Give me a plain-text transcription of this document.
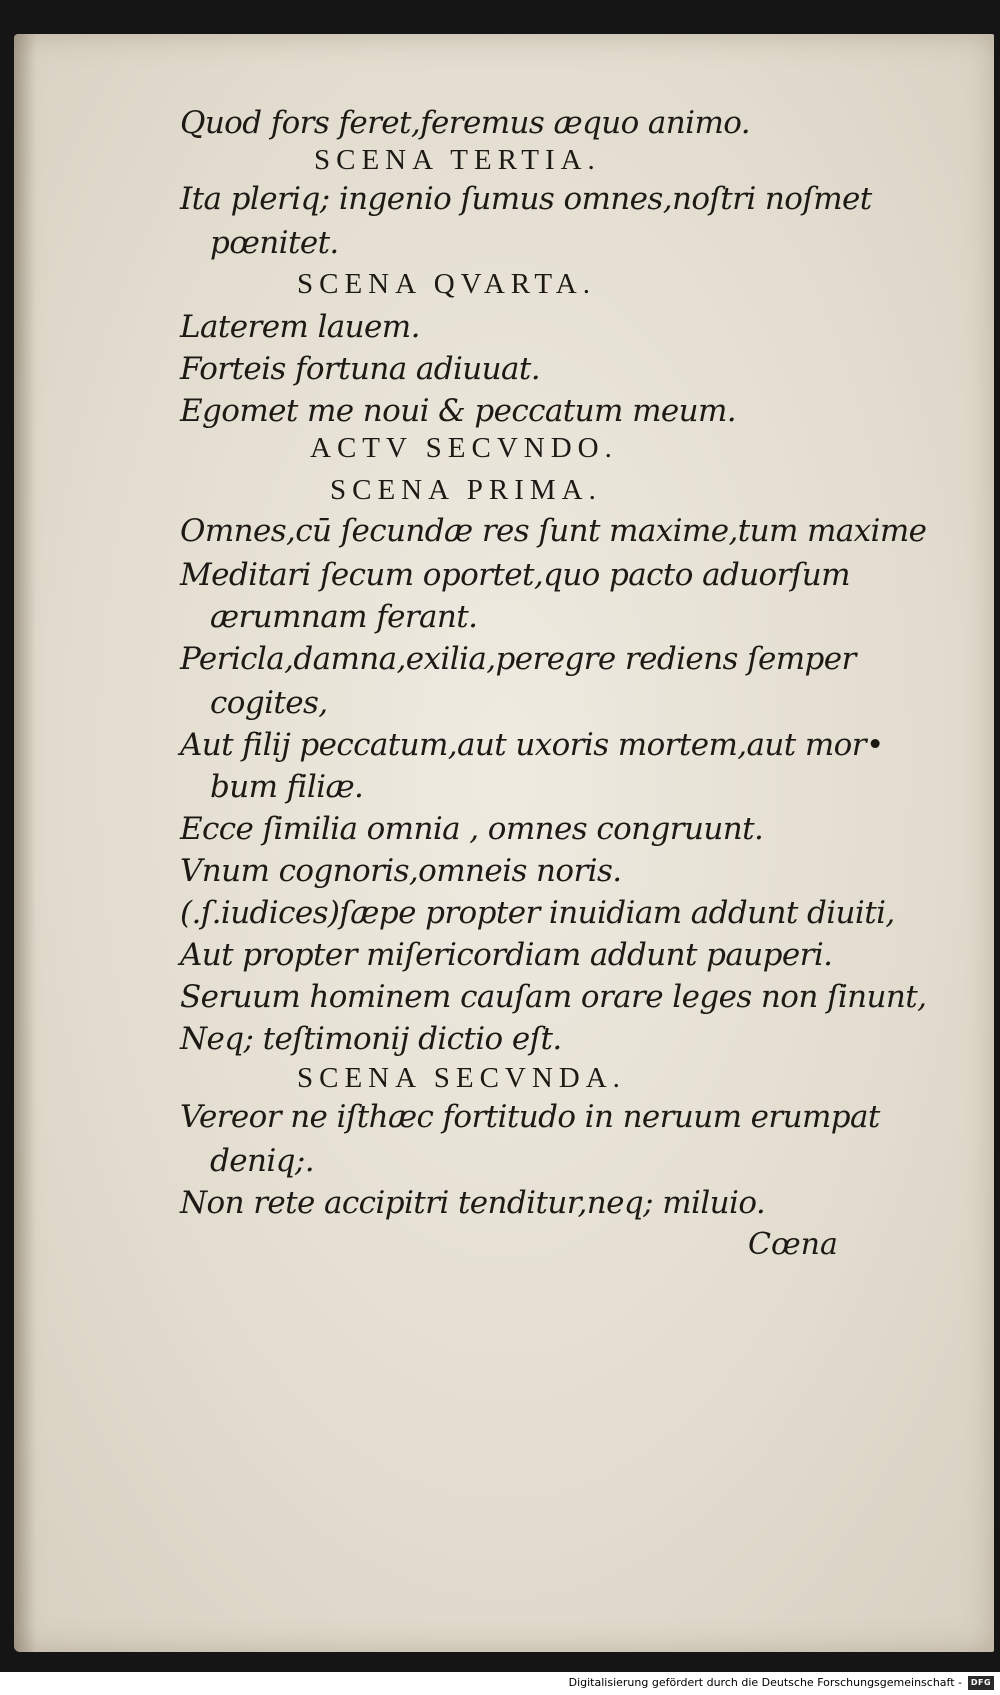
Quod fors feret,feremus æquo animo.
SCENA TERTIA.
Ita pleriq; ingenio ſumus omnes,noſtri noſmet
pœnitet.
SCENA QVARTA.
Laterem lauem.
Forteis fortuna adiuuat.
Egomet me noui & peccatum meum.
ACTV SECVNDO.
SCENA PRIMA.
Omnes,cū ſecundæ res ſunt maxime,tum maxime
Meditari ſecum oportet,quo pacto aduorſum
ærumnam ferant.
Pericla,damna,exilia,peregre rediens ſemper
cogites,
Aut filij peccatum,aut uxoris mortem,aut mor•
bum filiæ.
Ecce ſimilia omnia , omnes congruunt.
Vnum cognoris,omneis noris.
(.ſ.iudices)ſæpe propter inuidiam addunt diuiti,
Aut propter miſericordiam addunt pauperi.
Seruum hominem cauſam orare leges non ſinunt,
Neq; teſtimonij dictio eſt.
SCENA SECVNDA.
Vereor ne iſthæc fortitudo in neruum erumpat
deniq;.
Non rete accipitri tenditur,neq; miluio.
Cœna
Digitalisierung gefördert durch die Deutsche Forschungsgemeinschaft -	DFG
